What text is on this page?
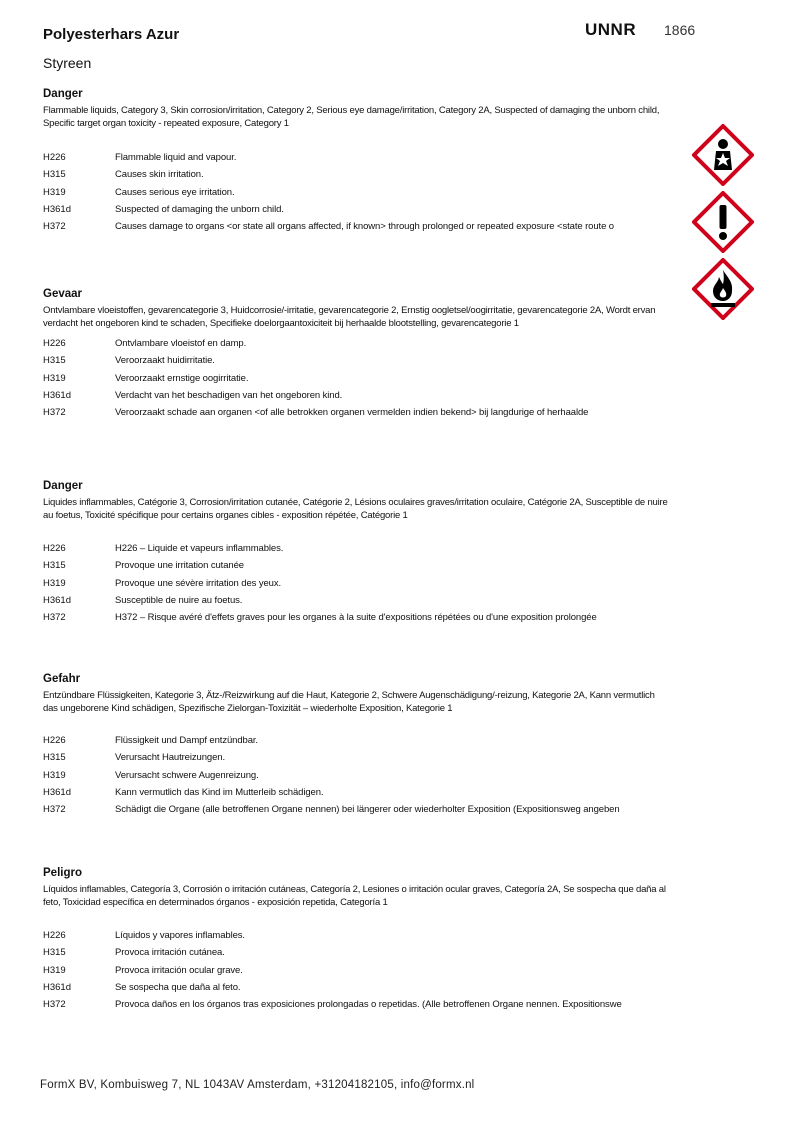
Polyesterhars Azur
Styreen
UNNR 1866
Danger
Flammable liquids, Category 3, Skin corrosion/irritation, Category 2, Serious eye damage/irritation, Category 2A, Suspected of damaging the unborn child, Specific target organ toxicity - repeated exposure, Category 1
H226	Flammable liquid and vapour.
H315	Causes skin irritation.
H319	Causes serious eye irritation.
H361d	Suspected of damaging the unborn child.
H372	Causes damage to organs <or state all organs affected, if known> through prolonged or repeated exposure <state route o
Gevaar
Ontvlambare vloeistoffen, gevarencategorie 3, Huidcorrosie/-irritatie, gevarencategorie 2, Ernstig oogletsel/oogirritatie, gevarencategorie 2A, Wordt ervan verdacht het ongeboren kind te schaden, Specifieke doelorgaantoxiciteit bij herhaalde blootstelling, gevarencategorie 1
H226	Ontvlambare vloeistof en damp.
H315	Veroorzaakt huidirritatie.
H319	Veroorzaakt ernstige oogirritatie.
H361d	Verdacht van het beschadigen van het ongeboren kind.
H372	Veroorzaakt schade aan organen <of alle betrokken organen vermelden indien bekend> bij langdurige of herhaalde
Danger
Liquides inflammables, Catégorie 3, Corrosion/irritation cutanée, Catégorie 2, Lésions oculaires graves/irritation oculaire, Catégorie 2A, Susceptible de nuire au foetus, Toxicité spécifique pour certains organes cibles - exposition répétée, Catégorie 1
H226	H226 – Liquide et vapeurs inflammables.
H315	Provoque une irritation cutanée
H319	Provoque une sévère irritation des yeux.
H361d	Susceptible de nuire au foetus.
H372	H372 – Risque avéré d'effets graves pour les organes à la suite d'expositions répétées ou d'une exposition prolongée
Gefahr
Entzündbare Flüssigkeiten, Kategorie 3, Ätz-/Reizwirkung auf die Haut, Kategorie 2, Schwere Augenschädigung/-reizung, Kategorie 2A, Kann vermutlich das ungeborene Kind schädigen, Spezifische Zielorgan-Toxizität – wiederholte Exposition, Kategorie 1
H226	Flüssigkeit und Dampf entzündbar.
H315	Verursacht Hautreizungen.
H319	Verursacht schwere Augenreizung.
H361d	Kann vermutlich das Kind im Mutterleib schädigen.
H372	Schädigt die Organe (alle betroffenen Organe nennen) bei längerer oder wiederholter Exposition (Expositionsweg angeben
Peligro
Líquidos inflamables, Categoría 3, Corrosión o irritación cutáneas, Categoría 2, Lesiones o irritación ocular graves, Categoría 2A, Se sospecha que daña al feto, Toxicidad específica en determinados órganos - exposición repetida, Categoría 1
H226	Líquidos y vapores inflamables.
H315	Provoca irritación cutánea.
H319	Provoca irritación ocular grave.
H361d	Se sospecha que daña al feto.
H372	Provoca daños en los órganos tras exposiciones prolongadas o repetidas. (Alle betroffenen Organe nennen. Expositionswe
FormX BV, Kombuisweg 7, NL 1043AV Amsterdam, +31204182105, info@formx.nl
